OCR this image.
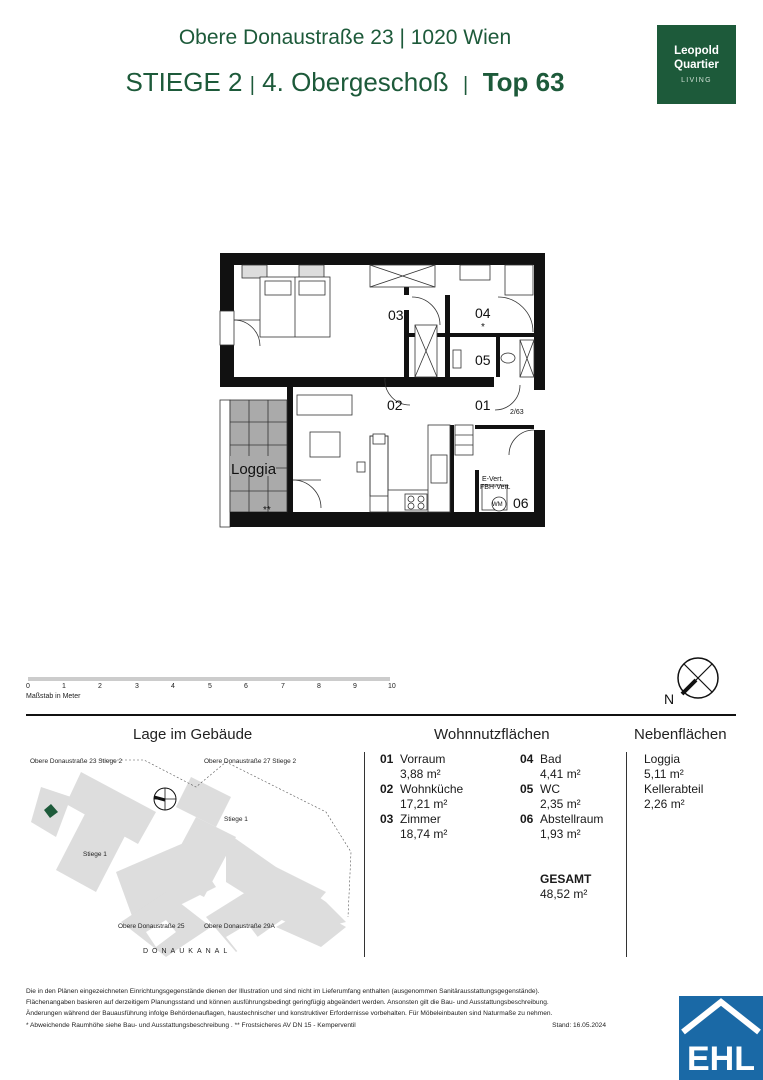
Obere Donaustraße 23 | 1020 Wien
STIEGE 2 | 4. Obergeschoß | Top 63
Leopold
Quartier
LIVING
03	04
05
02	01
06
Loggia
*
**
2/63
E-Vert.
FBH-Vert.
WM
0	1	2	3	4	5	6	7	8	9	10
Maßstab in Meter	N
Lage im Gebäude
Obere Donaustraße 23 Stiege 2	Obere Donaustraße 27 Stiege 2
Stiege 1
Stiege 1
Obere Donaustraße 25	Obere Donaustraße 29A
DONAUKANAL
Wohnnutzflächen
01 Vorraum
3,88 m²
02 Wohnküche
17,21 m²
03 Zimmer
18,74 m²
04 Bad
4,41 m²
05 WC
2,35 m²
06 Abstellraum
1,93 m²
GESAMT
48,52 m²
Nebenflächen
Loggia
5,11 m²
Kellerabteil
2,26 m²
Die in den Plänen eingezeichneten Einrichtungsgegenstände dienen der Illustration und sind nicht im Lieferumfang enthalten (ausgenommen Sanitärausstattungsgegenstände).
Flächenangaben basieren auf derzeitigem Planungsstand und können ausführungsbedingt geringfügig abgeändert werden. Ansonsten gilt die Bau- und Ausstattungsbeschreibung.
Änderungen während der Bauausführung infolge Behördenauflagen, haustechnischer und konstruktiver Erfordernisse vorbehalten. Für Möbeleinbauten sind Naturmaße zu nehmen.
* Abweichende Raumhöhe siehe Bau- und Ausstattungsbeschreibung . ** Frostsicheres AV DN 15 - Kemperventil	Stand: 16.05.2024
EHL
